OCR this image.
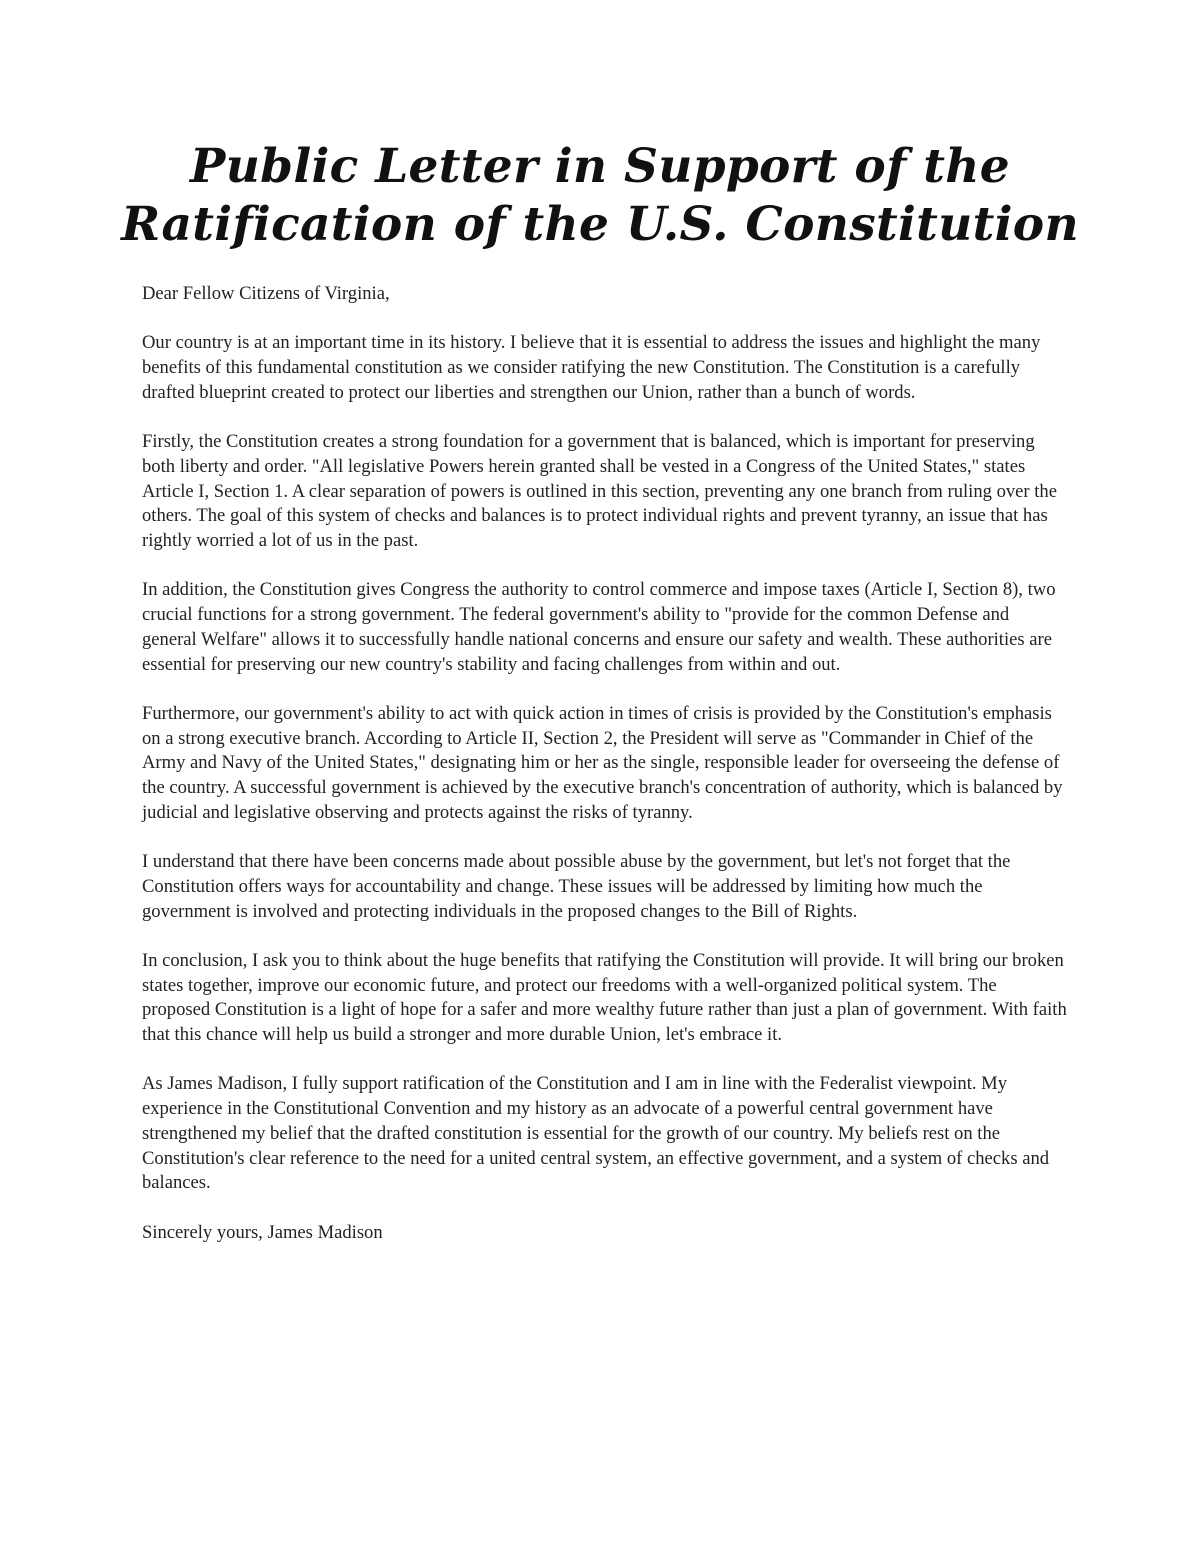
Public Letter in Support of the
Ratification of the U.S. Constitution

Dear Fellow Citizens of Virginia,

Our country is at an important time in its history. I believe that it is essential to address the issues and highlight the many benefits of this fundamental constitution as we consider ratifying the new Constitution. The Constitution is a carefully drafted blueprint created to protect our liberties and strengthen our Union, rather than a bunch of words.

Firstly, the Constitution creates a strong foundation for a government that is balanced, which is important for preserving both liberty and order. "All legislative Powers herein granted shall be vested in a Congress of the United States," states Article I, Section 1. A clear separation of powers is outlined in this section, preventing any one branch from ruling over the others. The goal of this system of checks and balances is to protect individual rights and prevent tyranny, an issue that has rightly worried a lot of us in the past.

In addition, the Constitution gives Congress the authority to control commerce and impose taxes (Article I, Section 8), two crucial functions for a strong government. The federal government's ability to "provide for the common Defense and general Welfare" allows it to successfully handle national concerns and ensure our safety and wealth. These authorities are essential for preserving our new country's stability and facing challenges from within and out.

Furthermore, our government's ability to act with quick action in times of crisis is provided by the Constitution's emphasis on a strong executive branch. According to Article II, Section 2, the President will serve as "Commander in Chief of the Army and Navy of the United States," designating him or her as the single, responsible leader for overseeing the defense of the country. A successful government is achieved by the executive branch's concentration of authority, which is balanced by judicial and legislative observing and protects against the risks of tyranny.

I understand that there have been concerns made about possible abuse by the government, but let's not forget that the Constitution offers ways for accountability and change. These issues will be addressed by limiting how much the government is involved and protecting individuals in the proposed changes to the Bill of Rights.

In conclusion, I ask you to think about the huge benefits that ratifying the Constitution will provide. It will bring our broken states together, improve our economic future, and protect our freedoms with a well-organized political system. The proposed Constitution is a light of hope for a safer and more wealthy future rather than just a plan of government. With faith that this chance will help us build a stronger and more durable Union, let's embrace it.

As James Madison, I fully support ratification of the Constitution and I am in line with the Federalist viewpoint. My experience in the Constitutional Convention and my history as an advocate of a powerful central government have strengthened my belief that the drafted constitution is essential for the growth of our country. My beliefs rest on the Constitution's clear reference to the need for a united central system, an effective government, and a system of checks and balances.

Sincerely yours, James Madison
